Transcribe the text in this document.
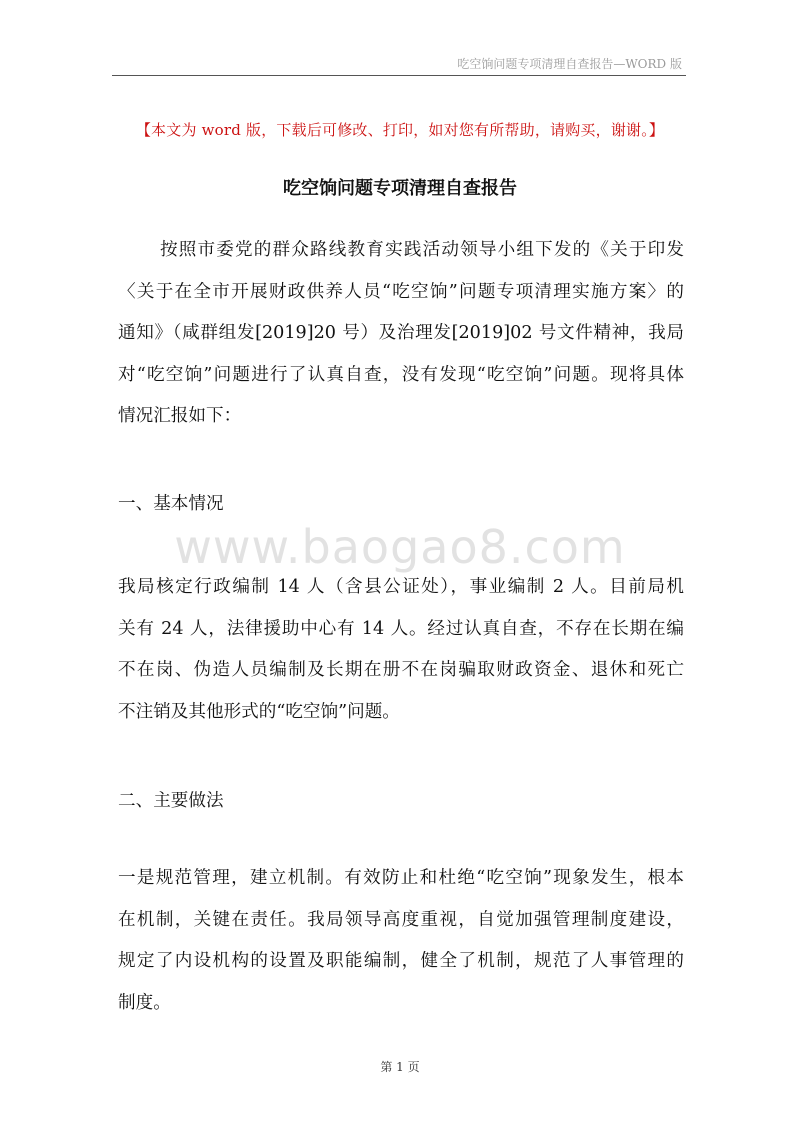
吃空饷问题专项清理自查报告—WORD 版
【本文为 word 版，下载后可修改、打印，如对您有所帮助，请购买，谢谢。】
吃空饷问题专项清理自查报告
按照市委党的群众路线教育实践活动领导小组下发的《关于印发
〈关于在全市开展财政供养人员“吃空饷”问题专项清理实施方案〉的
通知》（咸群组发[2019]20 号）及治理发[2019]02 号文件精神，我局
对“吃空饷”问题进行了认真自查，没有发现“吃空饷”问题。现将具体
情况汇报如下：
一、基本情况
www.baogao8.com
我局核定行政编制 14 人（含县公证处），事业编制 2 人。目前局机
关有 24 人，法律援助中心有 14 人。经过认真自查，不存在长期在编
不在岗、伪造人员编制及长期在册不在岗骗取财政资金、退休和死亡
不注销及其他形式的“吃空饷”问题。
二、主要做法
一是规范管理，建立机制。有效防止和杜绝“吃空饷”现象发生，根本
在机制，关键在责任。我局领导高度重视，自觉加强管理制度建设，
规定了内设机构的设置及职能编制，健全了机制，规范了人事管理的
制度。
第 1 页
